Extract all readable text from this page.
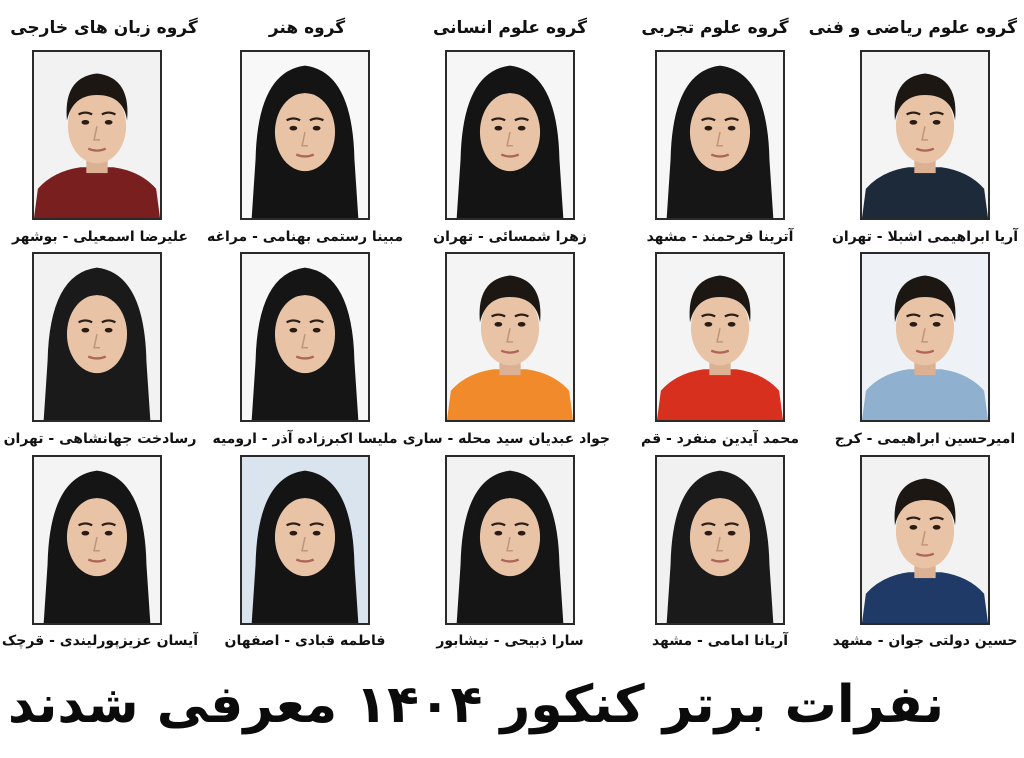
گروه علوم ریاضی و فنی
گروه علوم تجربی
گروه علوم انسانی
گروه هنر
گروه زبان های خارجی
آریا ابراهیمی اشبلا - تهران
آترینا فرحمند - مشهد
زهرا شمسائی - تهران
مبینا رستمی بهنامی - مراغه
علیرضا اسمعیلی - بوشهر
امیرحسین ابراهیمی - کرج
محمد آیدین منفرد - قم
جواد عبدیان سید محله - ساری
ملیسا اکبرزاده آذر - ارومیه
رسادخت جهانشاهی - تهران
حسین دولتی جوان - مشهد
آریانا امامی - مشهد
سارا ذبیحی - نیشابور
فاطمه قبادی - اصفهان
آیسان عزیزپورلیندی - قرچک
نفرات برتر کنکور ۱۴۰۴ معرفی شدند
